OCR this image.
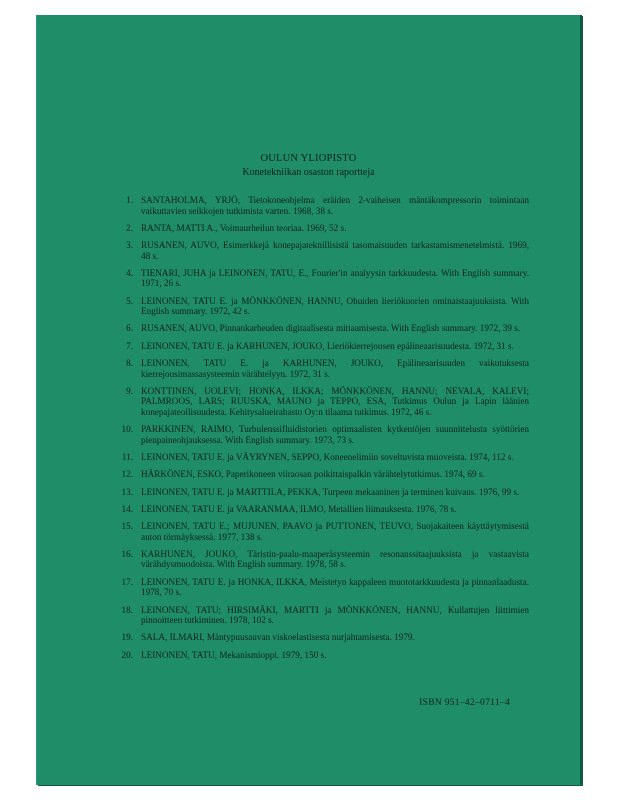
OULUN YLIOPISTO
Konetekniikan osaston raportteja
1. SANTAHOLMA, YRJÖ, Tietokoneohjelma eräiden 2-vaiheisen mäntäkompressorin toimintaan vaikuttavien seikkojen tutkimista varten. 1968, 38 s.
2. RANTA, MATTI A., Voimaurheilun teoriaa. 1969, 52 s.
3. RUSANEN, AUVO, Esimerkkejä konepajateknillisistä tasomaisuuden tarkastamismenetelmistä. 1969, 48 s.
4. TIENARI, JUHA ja LEINONEN, TATU, E., Fourier'in analyysin tarkkuudesta. With English summary. 1971, 26 s.
5. LEINONEN, TATU E. ja MÖNKKÖNEN, HANNU, Ohuiden lieriökuorien ominaistaajuuksista. With English summary. 1972, 42 s.
6. RUSANEN, AUVO, Pinnankarheuden digitaalisesta mittaamisesta. With English summary. 1972, 39 s.
7. LEINONEN, TATU E. ja KARHUNEN, JOUKO, Lieriökierrejousen epälineaarisuudesta. 1972, 31 s.
8. LEINONEN, TATU E. ja KARHUNEN, JOUKO, Epälineaarisuuden vaikutuksesta kierrejousimassasysteemin värähtelyyn. 1972, 31 s.
9. KONTTINEN, UOLEVI; HONKA, ILKKA; MÖNKKÖNEN, HANNU; NEVALA, KALEVI; PALMROOS, LARS; RUUSKA, MAUNO ja TEPPO, ESA, Tutkimus Oulun ja Lapin läänien konepajateollisuudesta. Kehitysalueirahasto Oy:n tilaama tutkimus. 1972, 46 s.
10. PARKKINEN, RAIMO, Turbulenssifluidistorien optimaalisten kytkentöjen suunnittelusta syöttörien pienpaineohjauksessa. With English summary. 1973, 73 s.
11. LEINONEN, TATU E. ja VÄYRYNEN, SEPPO, Koneenelimiin soveltuvista muoveista. 1974, 112 s.
12. HÄRKÖNEN, ESKO, Paperikoneen viiraosan poikittaispalkin värähtelytutkimus. 1974, 69 s.
13. LEINONEN, TATU E. ja MARTTILA, PEKKA, Turpeen mekaaninen ja terminen kuivaus. 1976, 99 s.
14. LEINONEN, TATU E. ja VAARANMAA, ILMO, Metallien liimauksesta. 1976, 78 s.
15. LEINONEN, TATU E.; MUJUNEN, PAAVO ja PUTTONEN, TEUVO, Suojakaiteen käyttäytymisestä auton törmäyksessä. 1977, 138 s.
16. KARHUNEN, JOUKO, Täristin-paalu-maaperäsysteemin resonanssitaajuuksista ja vastaavista värähdysmuodoista. With English summary. 1978, 58 s.
17. LEINONEN, TATU E. ja HONKA, ILKKA, Meistetyn kappaleen muototarkkuudesta ja pinnanlaadusta. 1978, 70 s.
18. LEINONEN, TATU; HIRSIMÄKI, MARTTI ja MÖNKKÖNEN, HANNU, Kullattujen liittimien pinnoitteen tutkiminen. 1978, 102 s.
19. SALA, ILMARI, Mäntypuusauvan viskoelastisesta nurjahtamisesta. 1979.
20. LEINONEN, TATU, Mekanismioppi. 1979, 150 s.
ISBN 951–42–0711–4
